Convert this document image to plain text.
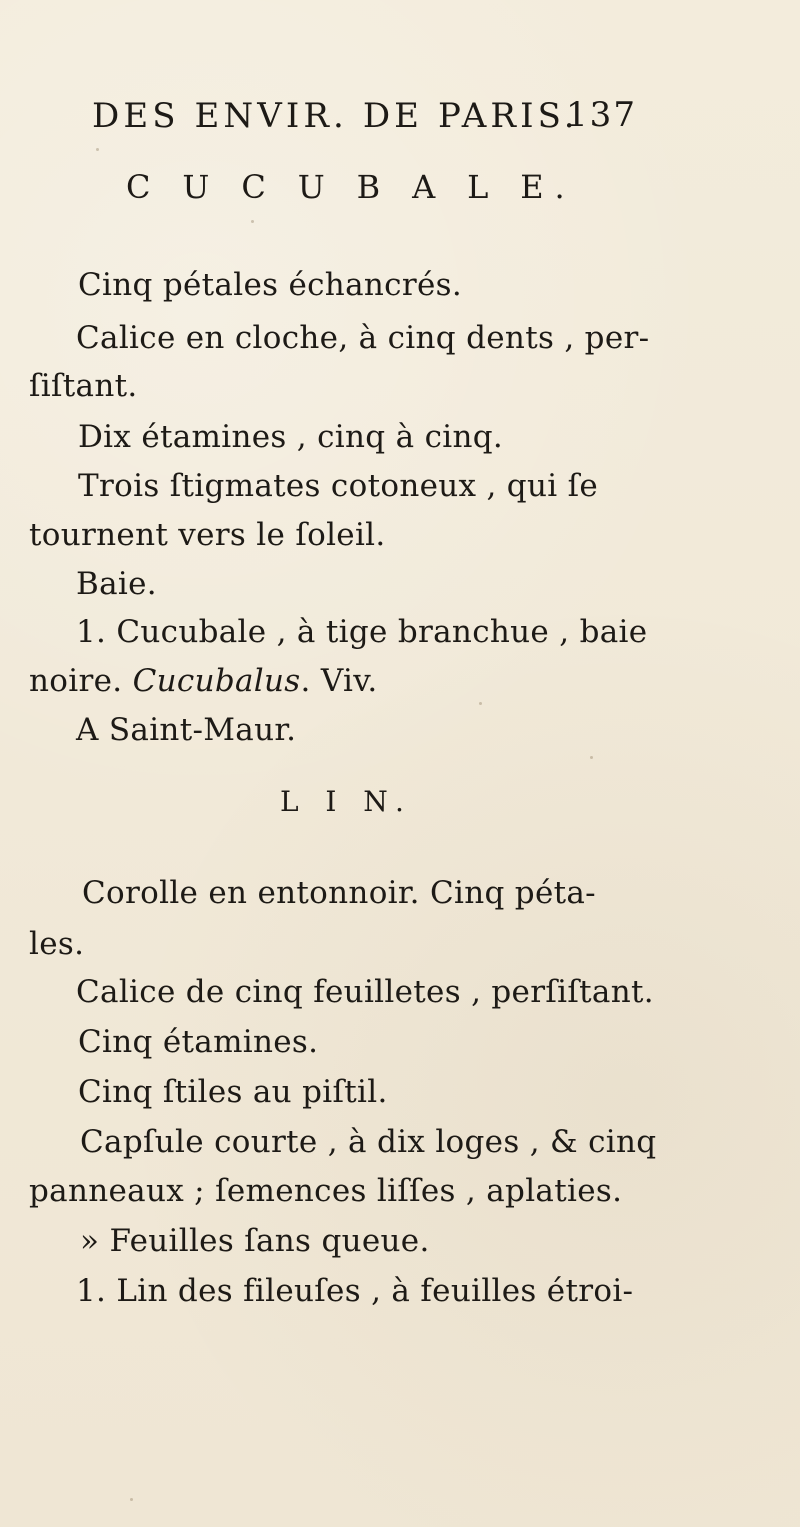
DES ENVIR. DE PARIS.
137
C U C U B A L E.
Cinq pétales échancrés.
Calice en cloche, à cinq dents , per-
ſiſtant.
Dix étamines , cinq à cinq.
Trois ſtigmates cotoneux , qui ſe
tournent vers le ſoleil.
Baie.
1. Cucubale , à tige branchue , baie
noire. Cucubalus. Viv.
A Saint-Maur.
L I N.
Corolle en entonnoir. Cinq péta-
les.
Calice de cinq feuilletes , perſiſtant.
Cinq étamines.
Cinq ſtiles au piſtil.
Capſule courte , à dix loges , & cinq
panneaux ; ſemences liſſes , aplaties.
» Feuilles ſans queue.
1. Lin des fileuſes , à feuilles étroi-
